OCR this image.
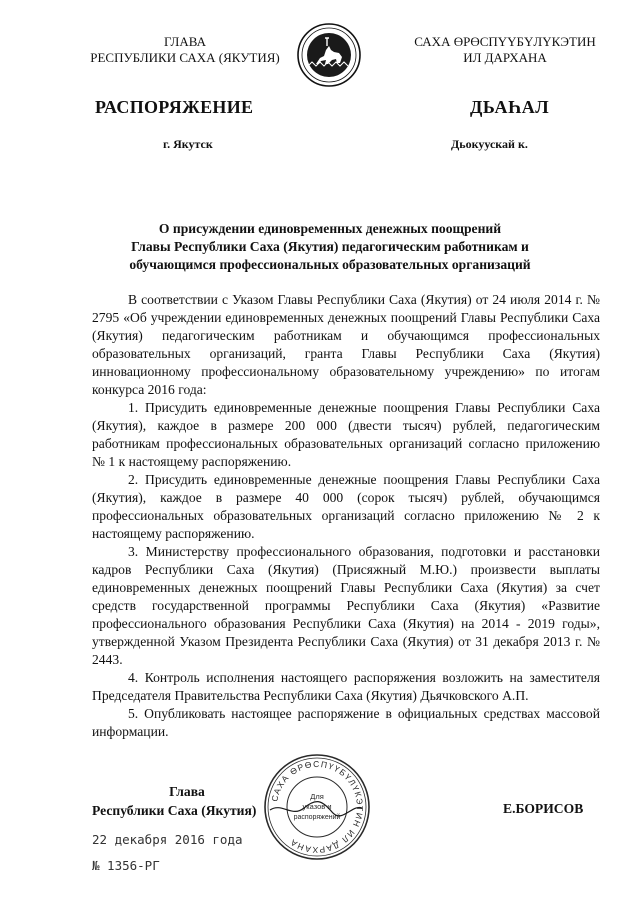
ГЛАВА
РЕСПУБЛИКИ САХА (ЯКУТИЯ)
САХА ӨРӨСПҮҮБҮЛҮКЭТИН
ИЛ ДАРХАНА
РАСПОРЯЖЕНИЕ	ДЬАҺАЛ
г. Якутск	Дьокуускай к.
О присуждении единовременных денежных поощрений
Главы Республики Саха (Якутия) педагогическим работникам и
обучающимся профессиональных образовательных организаций

В соответствии с Указом Главы Республики Саха (Якутия) от 24 июля 2014 г. № 2795 «Об учреждении единовременных денежных поощрений Главы Республики Саха (Якутия) педагогическим работникам и обучающимся профессиональных образовательных организаций, гранта Главы Республики Саха (Якутия) инновационному профессиональному образовательному учреждению» по итогам конкурса 2016 года:

1. Присудить единовременные денежные поощрения Главы Республики Саха (Якутия), каждое в размере 200 000 (двести тысяч) рублей, педагогическим работникам профессиональных образовательных организаций согласно приложению № 1 к настоящему распоряжению.

2. Присудить единовременные денежные поощрения Главы Республики Саха (Якутия), каждое в размере 40 000 (сорок тысяч) рублей, обучающимся профессиональных образовательных организаций согласно приложению № 2 к настоящему распоряжению.

3. Министерству профессионального образования, подготовки и расстановки кадров Республики Саха (Якутия) (Присяжный М.Ю.) произвести выплаты единовременных денежных поощрений Главы Республики Саха (Якутия) за счет средств государственной программы Республики Саха (Якутия) «Развитие профессионального образования Республики Саха (Якутия) на 2014 - 2019 годы», утвержденной Указом Президента Республики Саха (Якутия) от 31 декабря 2013 г. № 2443.

4. Контроль исполнения настоящего распоряжения возложить на заместителя Председателя Правительства Республики Саха (Якутия) Дьячковского А.П.

5. Опубликовать настоящее распоряжение в официальных средствах массовой информации.

Глава
Республики Саха (Якутия)	Е.БОРИСОВ
САХА ӨРӨСПҮҮБҮЛҮКЭТИН ИЛ ДАРХАНА
Для
указов и
распоряжений
22 декабря 2016 года
№ 1356-РГ
